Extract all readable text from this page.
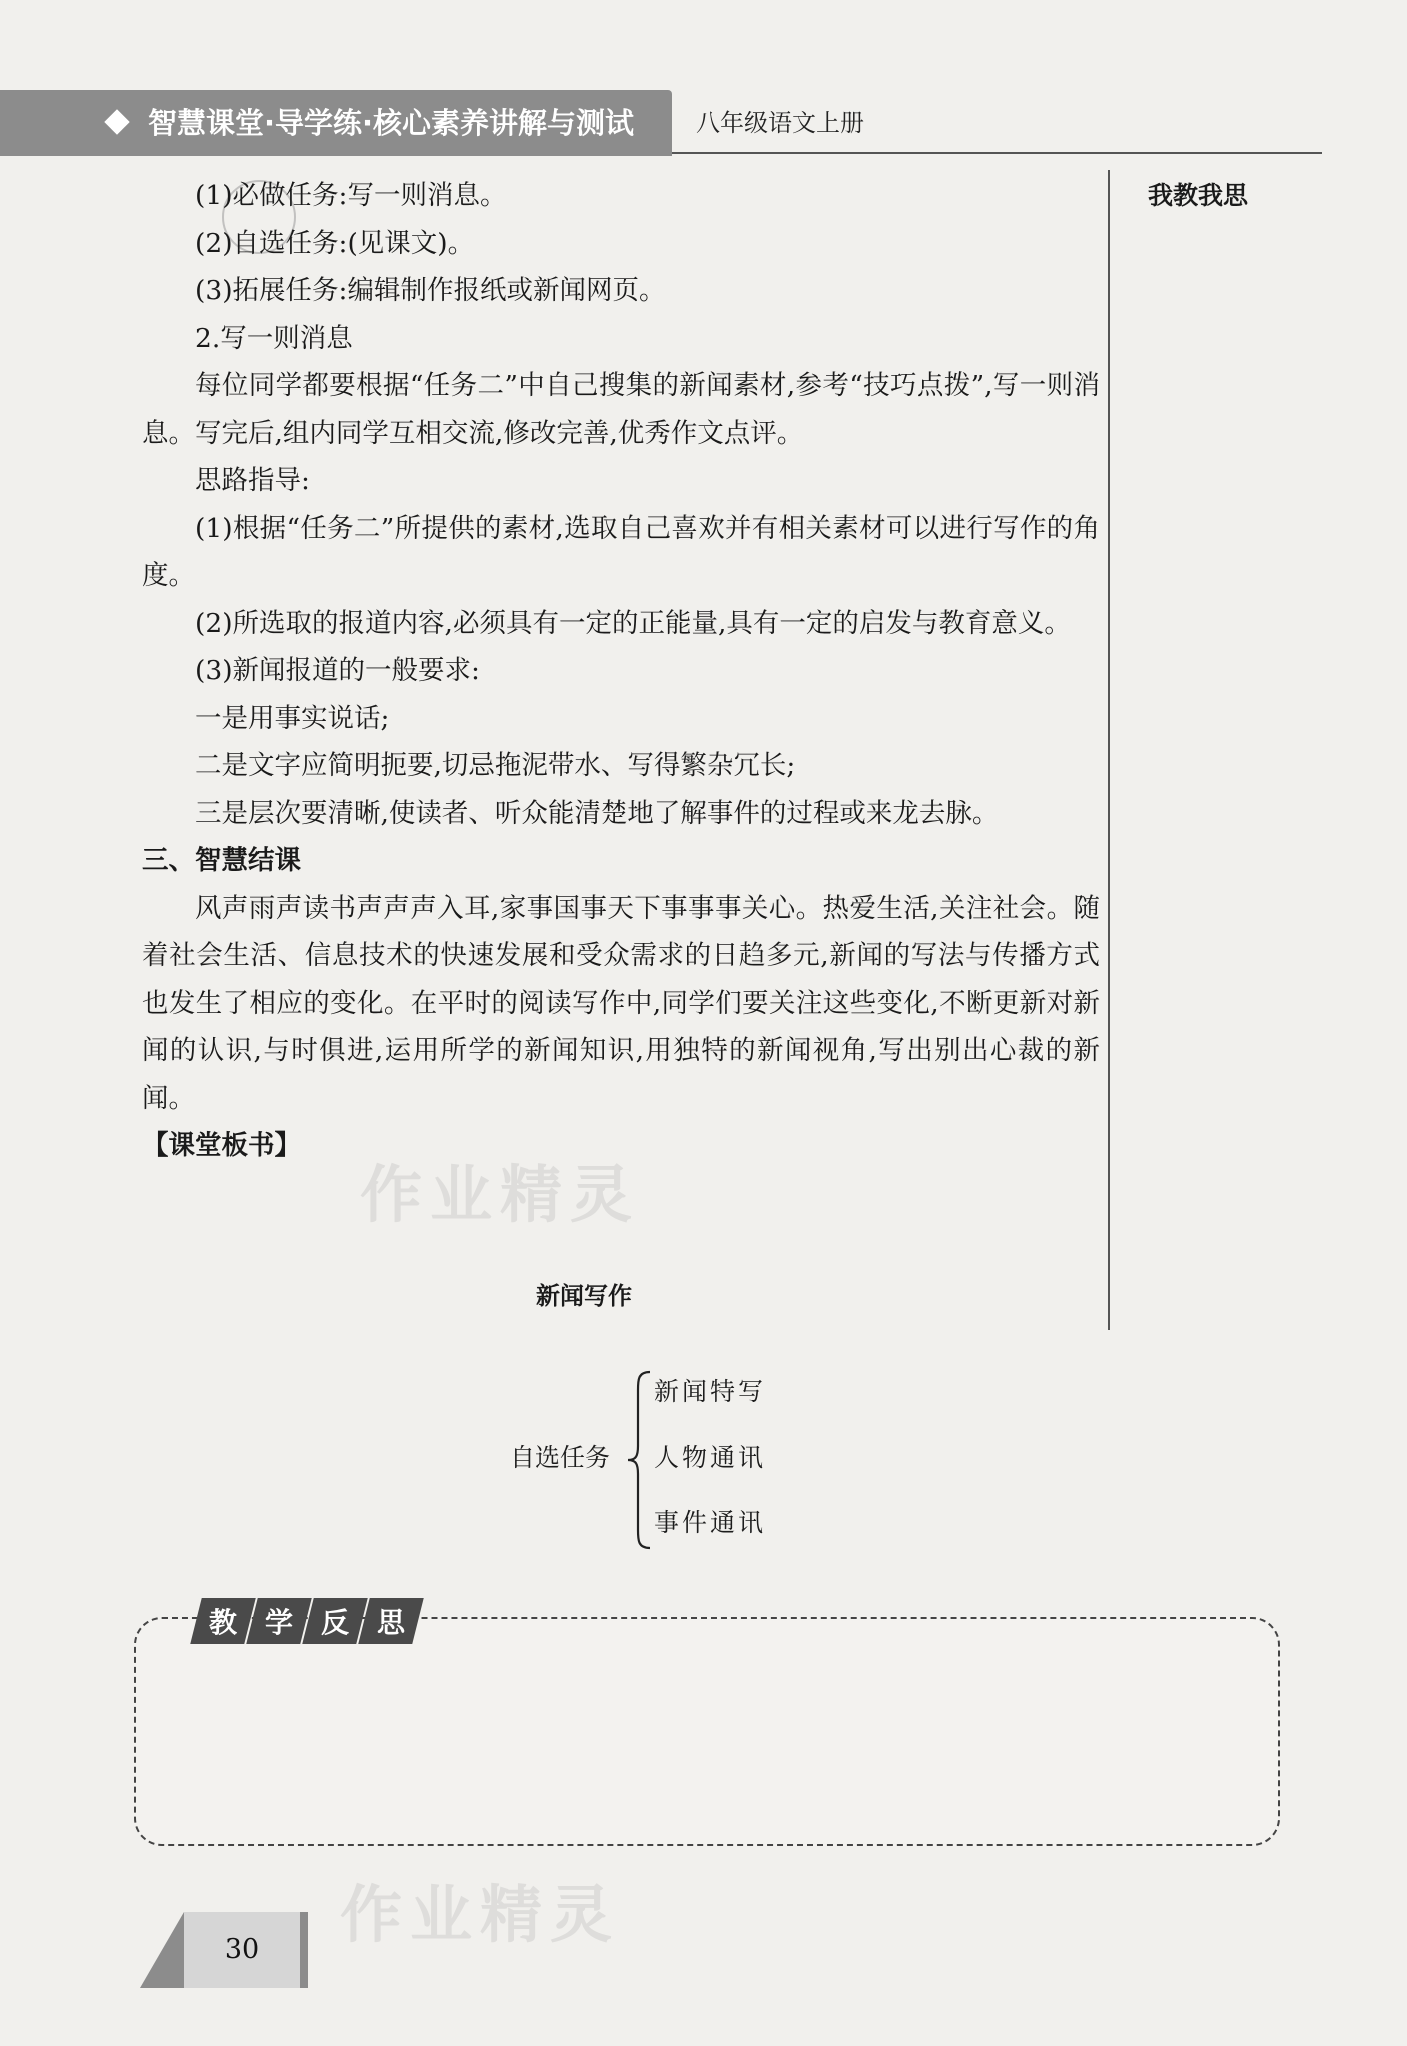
智慧课堂·导学练·核心素养讲解与测试	八年级语文上册
我教我思

(1)必做任务:写一则消息。

(2)自选任务:(见课文)。

(3)拓展任务:编辑制作报纸或新闻网页。

2.写一则消息

每位同学都要根据“任务二”中自己搜集的新闻素材,参考“技巧点拨”,写一则消息。写完后,组内同学互相交流,修改完善,优秀作文点评。

思路指导:

(1)根据“任务二”所提供的素材,选取自己喜欢并有相关素材可以进行写作的角度。

(2)所选取的报道内容,必须具有一定的正能量,具有一定的启发与教育意义。

(3)新闻报道的一般要求:

一是用事实说话;

二是文字应简明扼要,切忌拖泥带水、写得繁杂冗长;

三是层次要清晰,使读者、听众能清楚地了解事件的过程或来龙去脉。

三、智慧结课

风声雨声读书声声声入耳,家事国事天下事事事关心。热爱生活,关注社会。随着社会生活、信息技术的快速发展和受众需求的日趋多元,新闻的写法与传播方式也发生了相应的变化。在平时的阅读写作中,同学们要关注这些变化,不断更新对新闻的认识,与时俱进,运用所学的新闻知识,用独特的新闻视角,写出别出心裁的新闻。

【课堂板书】

新闻写作
自选任务
新闻特写
人物通讯
事件通讯
教 学 反 思
作业精灵
作业精灵
30
